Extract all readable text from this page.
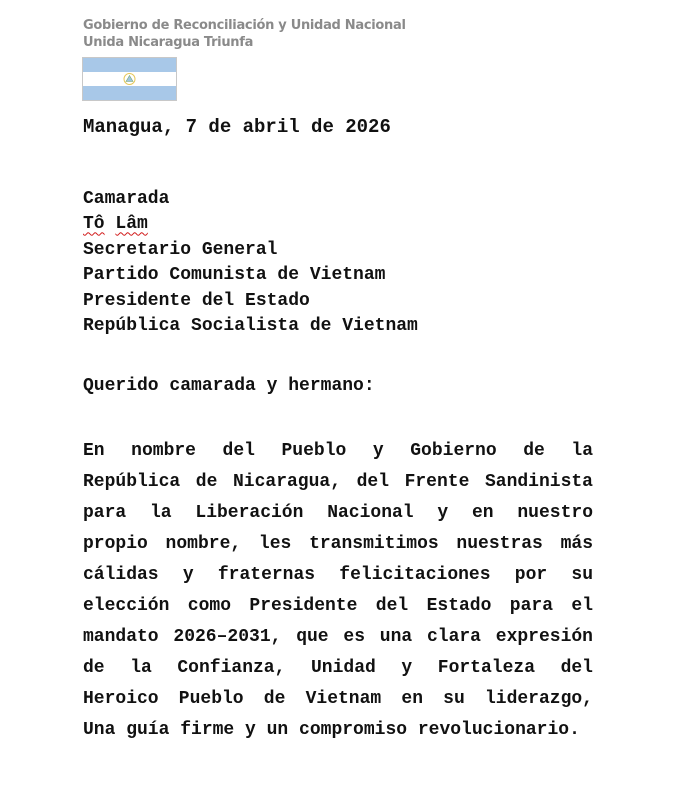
Gobierno de Reconciliación y Unidad Nacional
Unida Nicaragua Triunfa
Managua, 7 de abril de 2026
Camarada
Tô Lâm
Secretario General
Partido Comunista de Vietnam
Presidente del Estado
República Socialista de Vietnam
Querido camarada y hermano:
En nombre del Pueblo y Gobierno de la
República de Nicaragua, del Frente Sandinista
para la Liberación Nacional y en nuestro
propio nombre, les transmitimos nuestras más
cálidas y fraternas felicitaciones por su
elección como Presidente del Estado para el
mandato 2026–2031, que es una clara expresión
de la Confianza, Unidad y Fortaleza del
Heroico Pueblo de Vietnam en su liderazgo,
Una guía firme y un compromiso revolucionario.
